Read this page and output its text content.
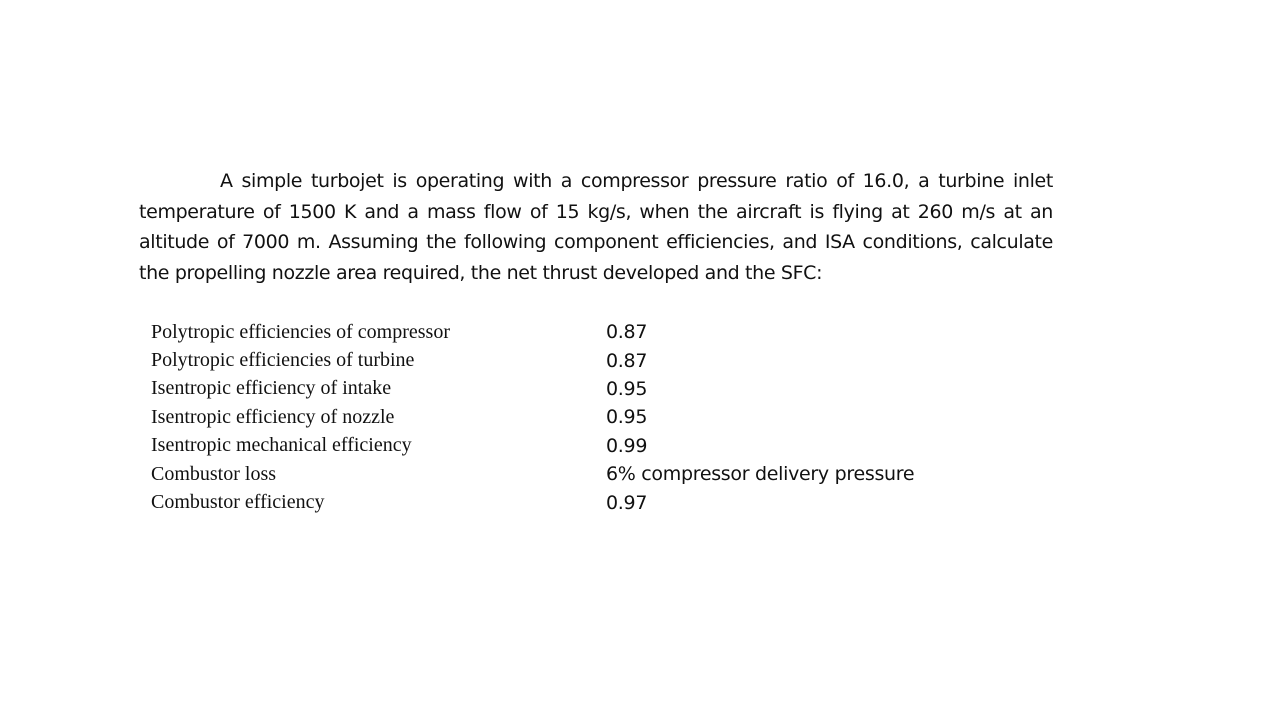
A simple turbojet is operating with a compressor pressure ratio of 16.0, a turbine inlet temperature of 1500 K and a mass flow of 15 kg/s, when the aircraft is flying at 260 m/s at an altitude of 7000 m. Assuming the following component efficiencies, and ISA conditions, calculate the propelling nozzle area required, the net thrust developed and the SFC:

Polytropic efficiencies of compressor	0.87
Polytropic efficiencies of turbine	0.87
Isentropic efficiency of intake	0.95
Isentropic efficiency of nozzle	0.95
Isentropic mechanical efficiency	0.99
Combustor loss	6% compressor delivery pressure
Combustor efficiency	0.97
